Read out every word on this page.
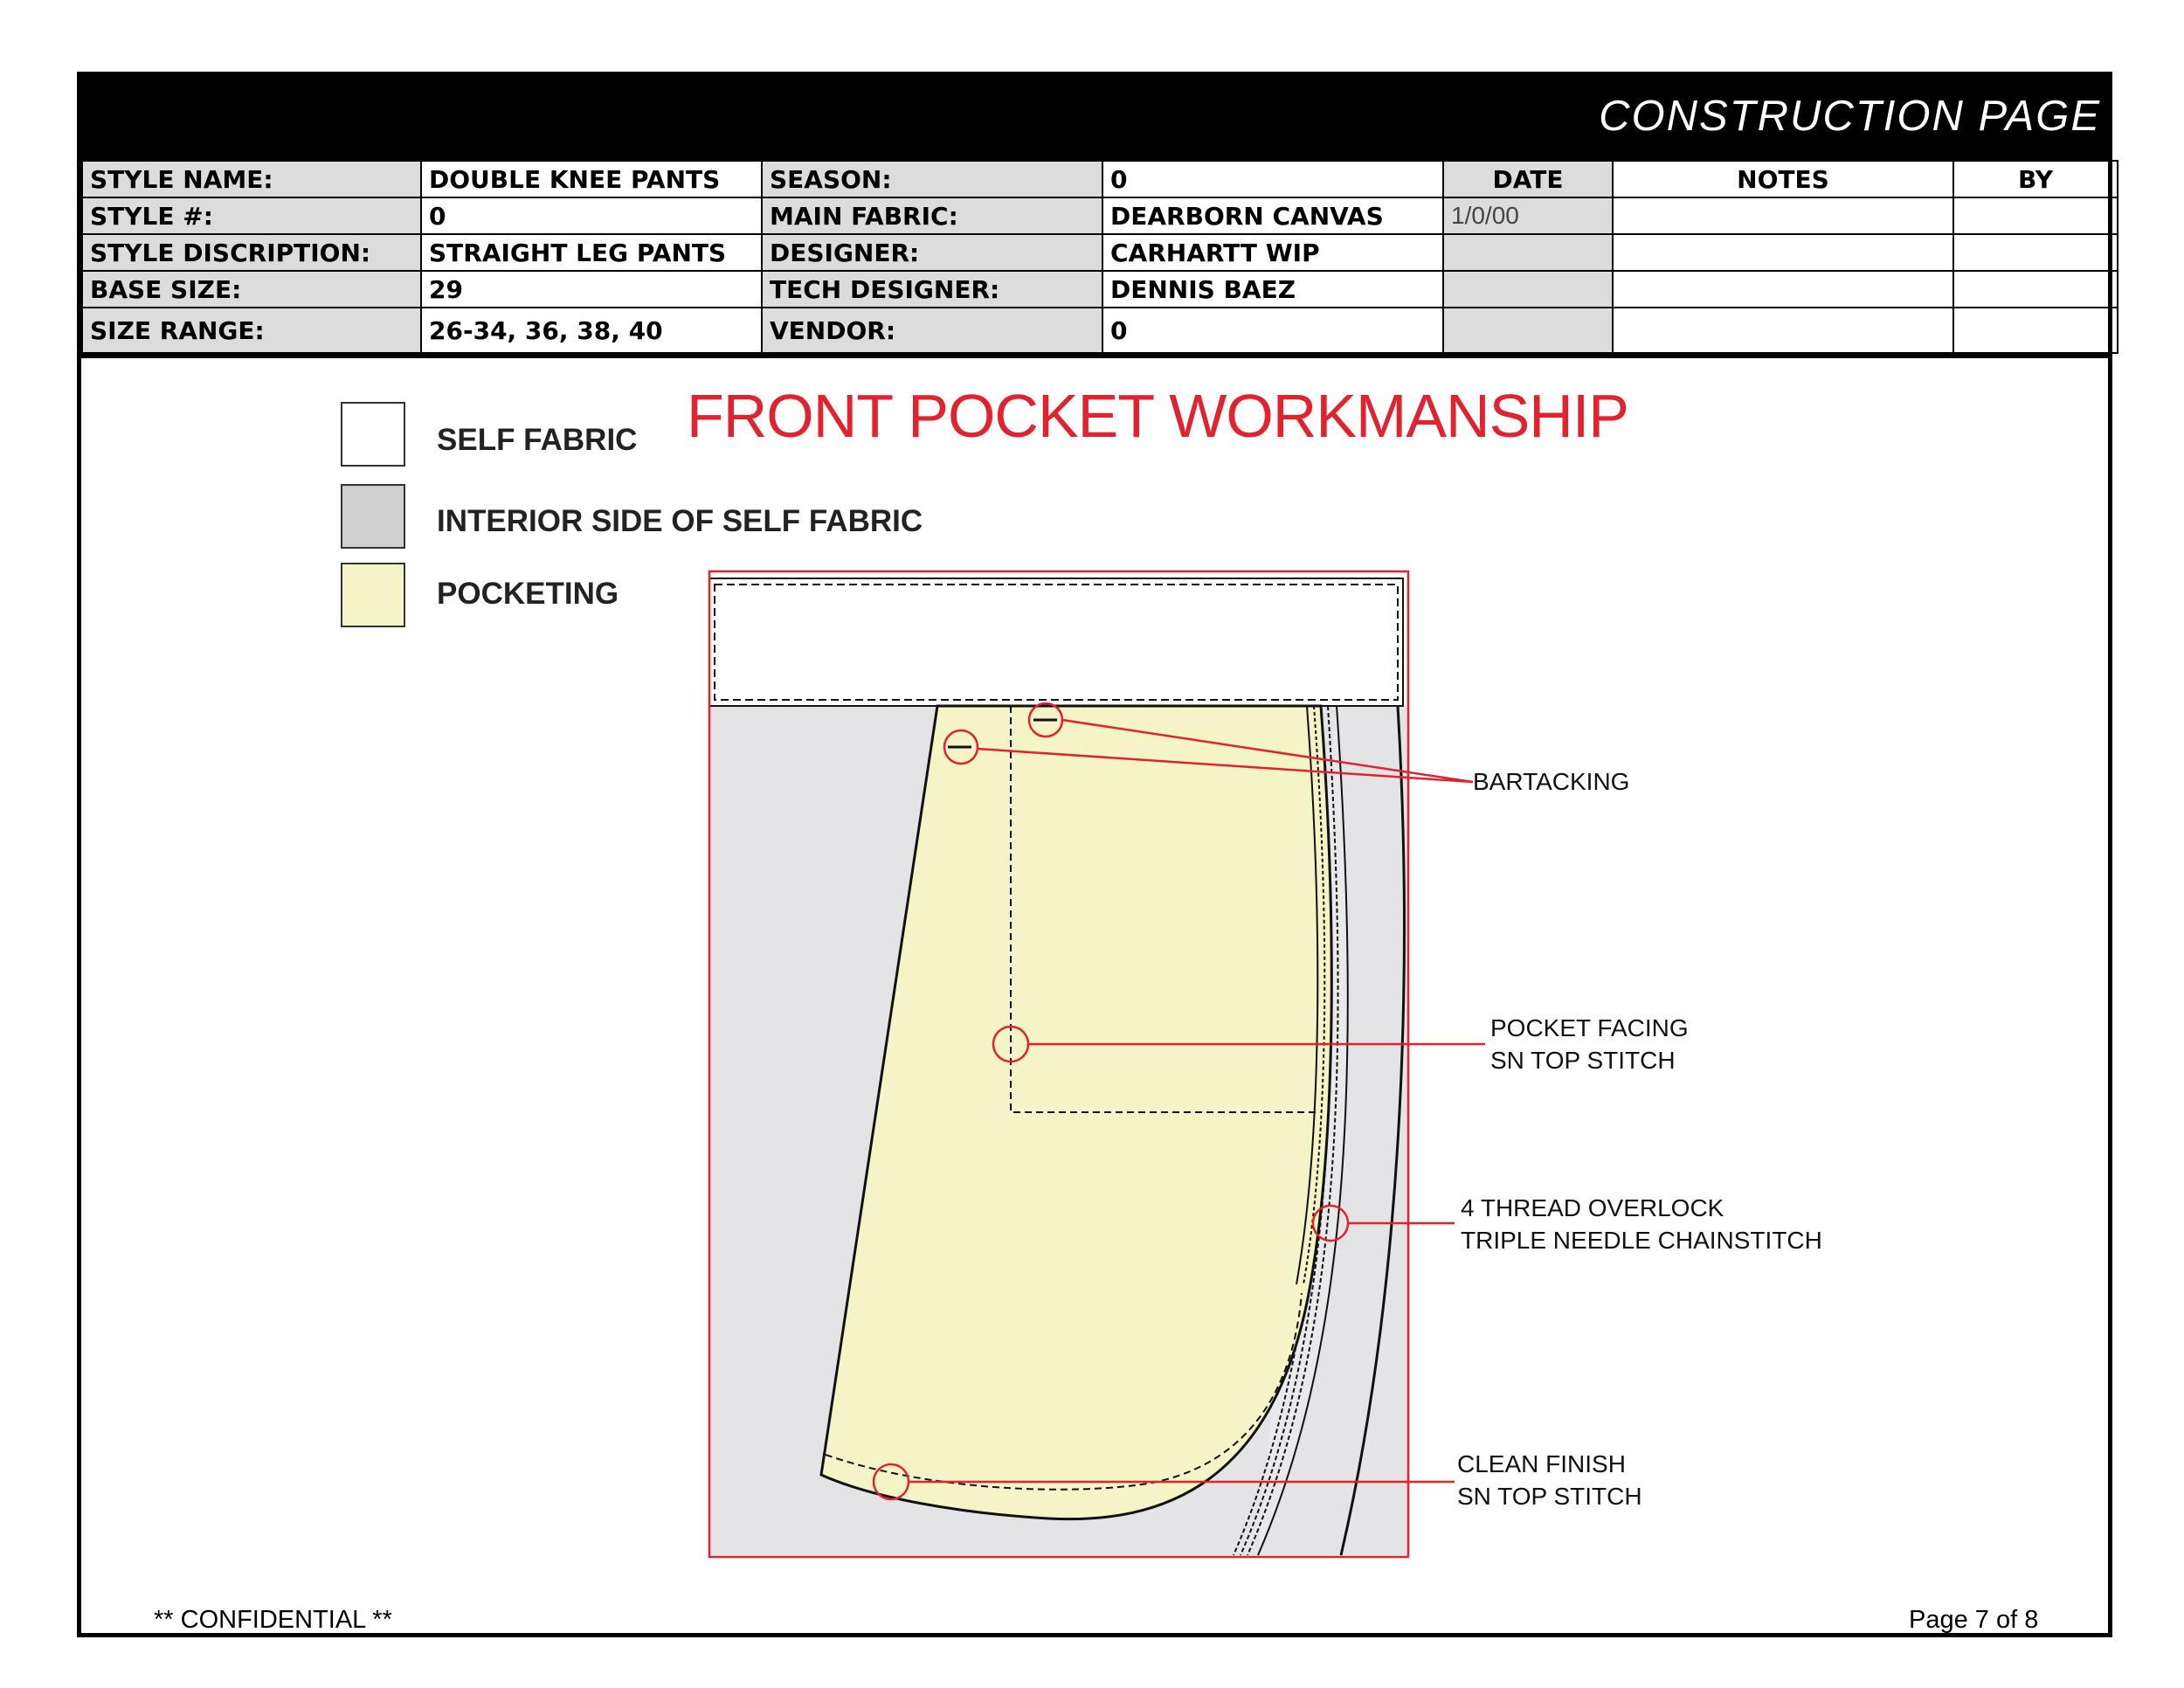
CONSTRUCTION PAGE
STYLE NAME:	DOUBLE KNEE PANTS	SEASON:	0	DATE	NOTES	BY
STYLE #:	0	MAIN FABRIC:	DEARBORN CANVAS	1/0/00		
STYLE DISCRIPTION:	STRAIGHT LEG PANTS	DESIGNER:	CARHARTT WIP			
BASE SIZE:	29	TECH DESIGNER:	DENNIS BAEZ			
SIZE RANGE:	26-34, 36, 38, 40	VENDOR:	0			
SELF FABRIC
INTERIOR SIDE OF SELF FABRIC
POCKETING
FRONT POCKET WORKMANSHIP
BARTACKING
POCKET FACING
SN TOP STITCH
4 THREAD OVERLOCK
TRIPLE NEEDLE CHAINSTITCH
CLEAN FINISH
SN TOP STITCH
** CONFIDENTIAL **	Page 7 of 8
